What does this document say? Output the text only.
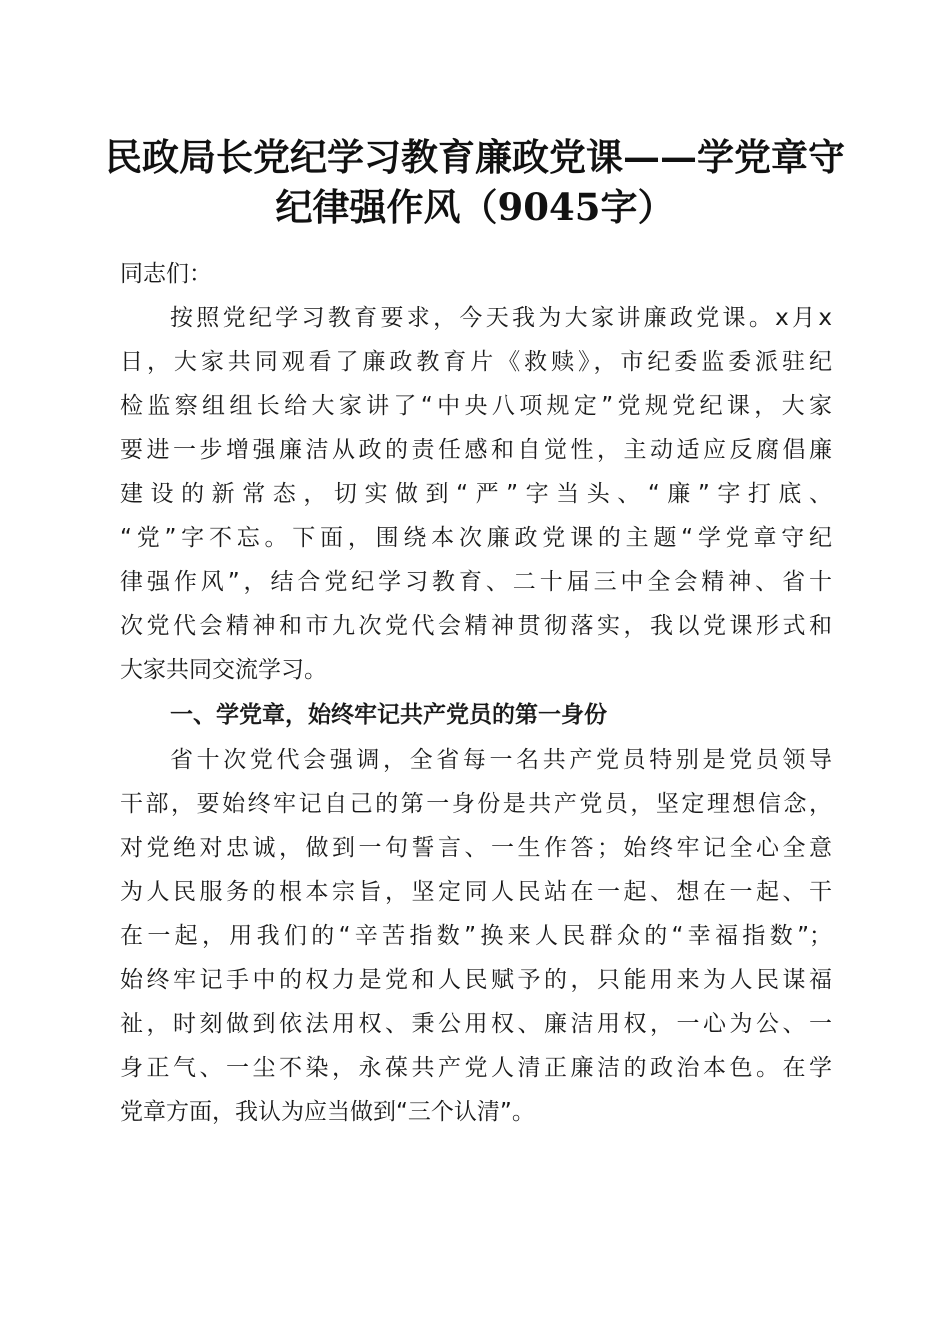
民政局长党纪学习教育廉政党课——学党章守
纪律强作风（9045字）
同志们：
按照党纪学习教育要求，今天我为大家讲廉政党课。x月x
日，大家共同观看了廉政教育片《救赎》，市纪委监委派驻纪
检监察组组长给大家讲了“中央八项规定”党规党纪课，大家
要进一步增强廉洁从政的责任感和自觉性，主动适应反腐倡廉
建设的新常态，切实做到“严”字当头、“廉”字打底、
“党”字不忘。下面，围绕本次廉政党课的主题“学党章守纪
律强作风”，结合党纪学习教育、二十届三中全会精神、省十
次党代会精神和市九次党代会精神贯彻落实，我以党课形式和
大家共同交流学习。
一、学党章，始终牢记共产党员的第一身份
省十次党代会强调，全省每一名共产党员特别是党员领导
干部，要始终牢记自己的第一身份是共产党员，坚定理想信念，
对党绝对忠诚，做到一句誓言、一生作答；始终牢记全心全意
为人民服务的根本宗旨，坚定同人民站在一起、想在一起、干
在一起，用我们的“辛苦指数”换来人民群众的“幸福指数”；
始终牢记手中的权力是党和人民赋予的，只能用来为人民谋福
祉，时刻做到依法用权、秉公用权、廉洁用权，一心为公、一
身正气、一尘不染，永葆共产党人清正廉洁的政治本色。在学
党章方面，我认为应当做到“三个认清”。
